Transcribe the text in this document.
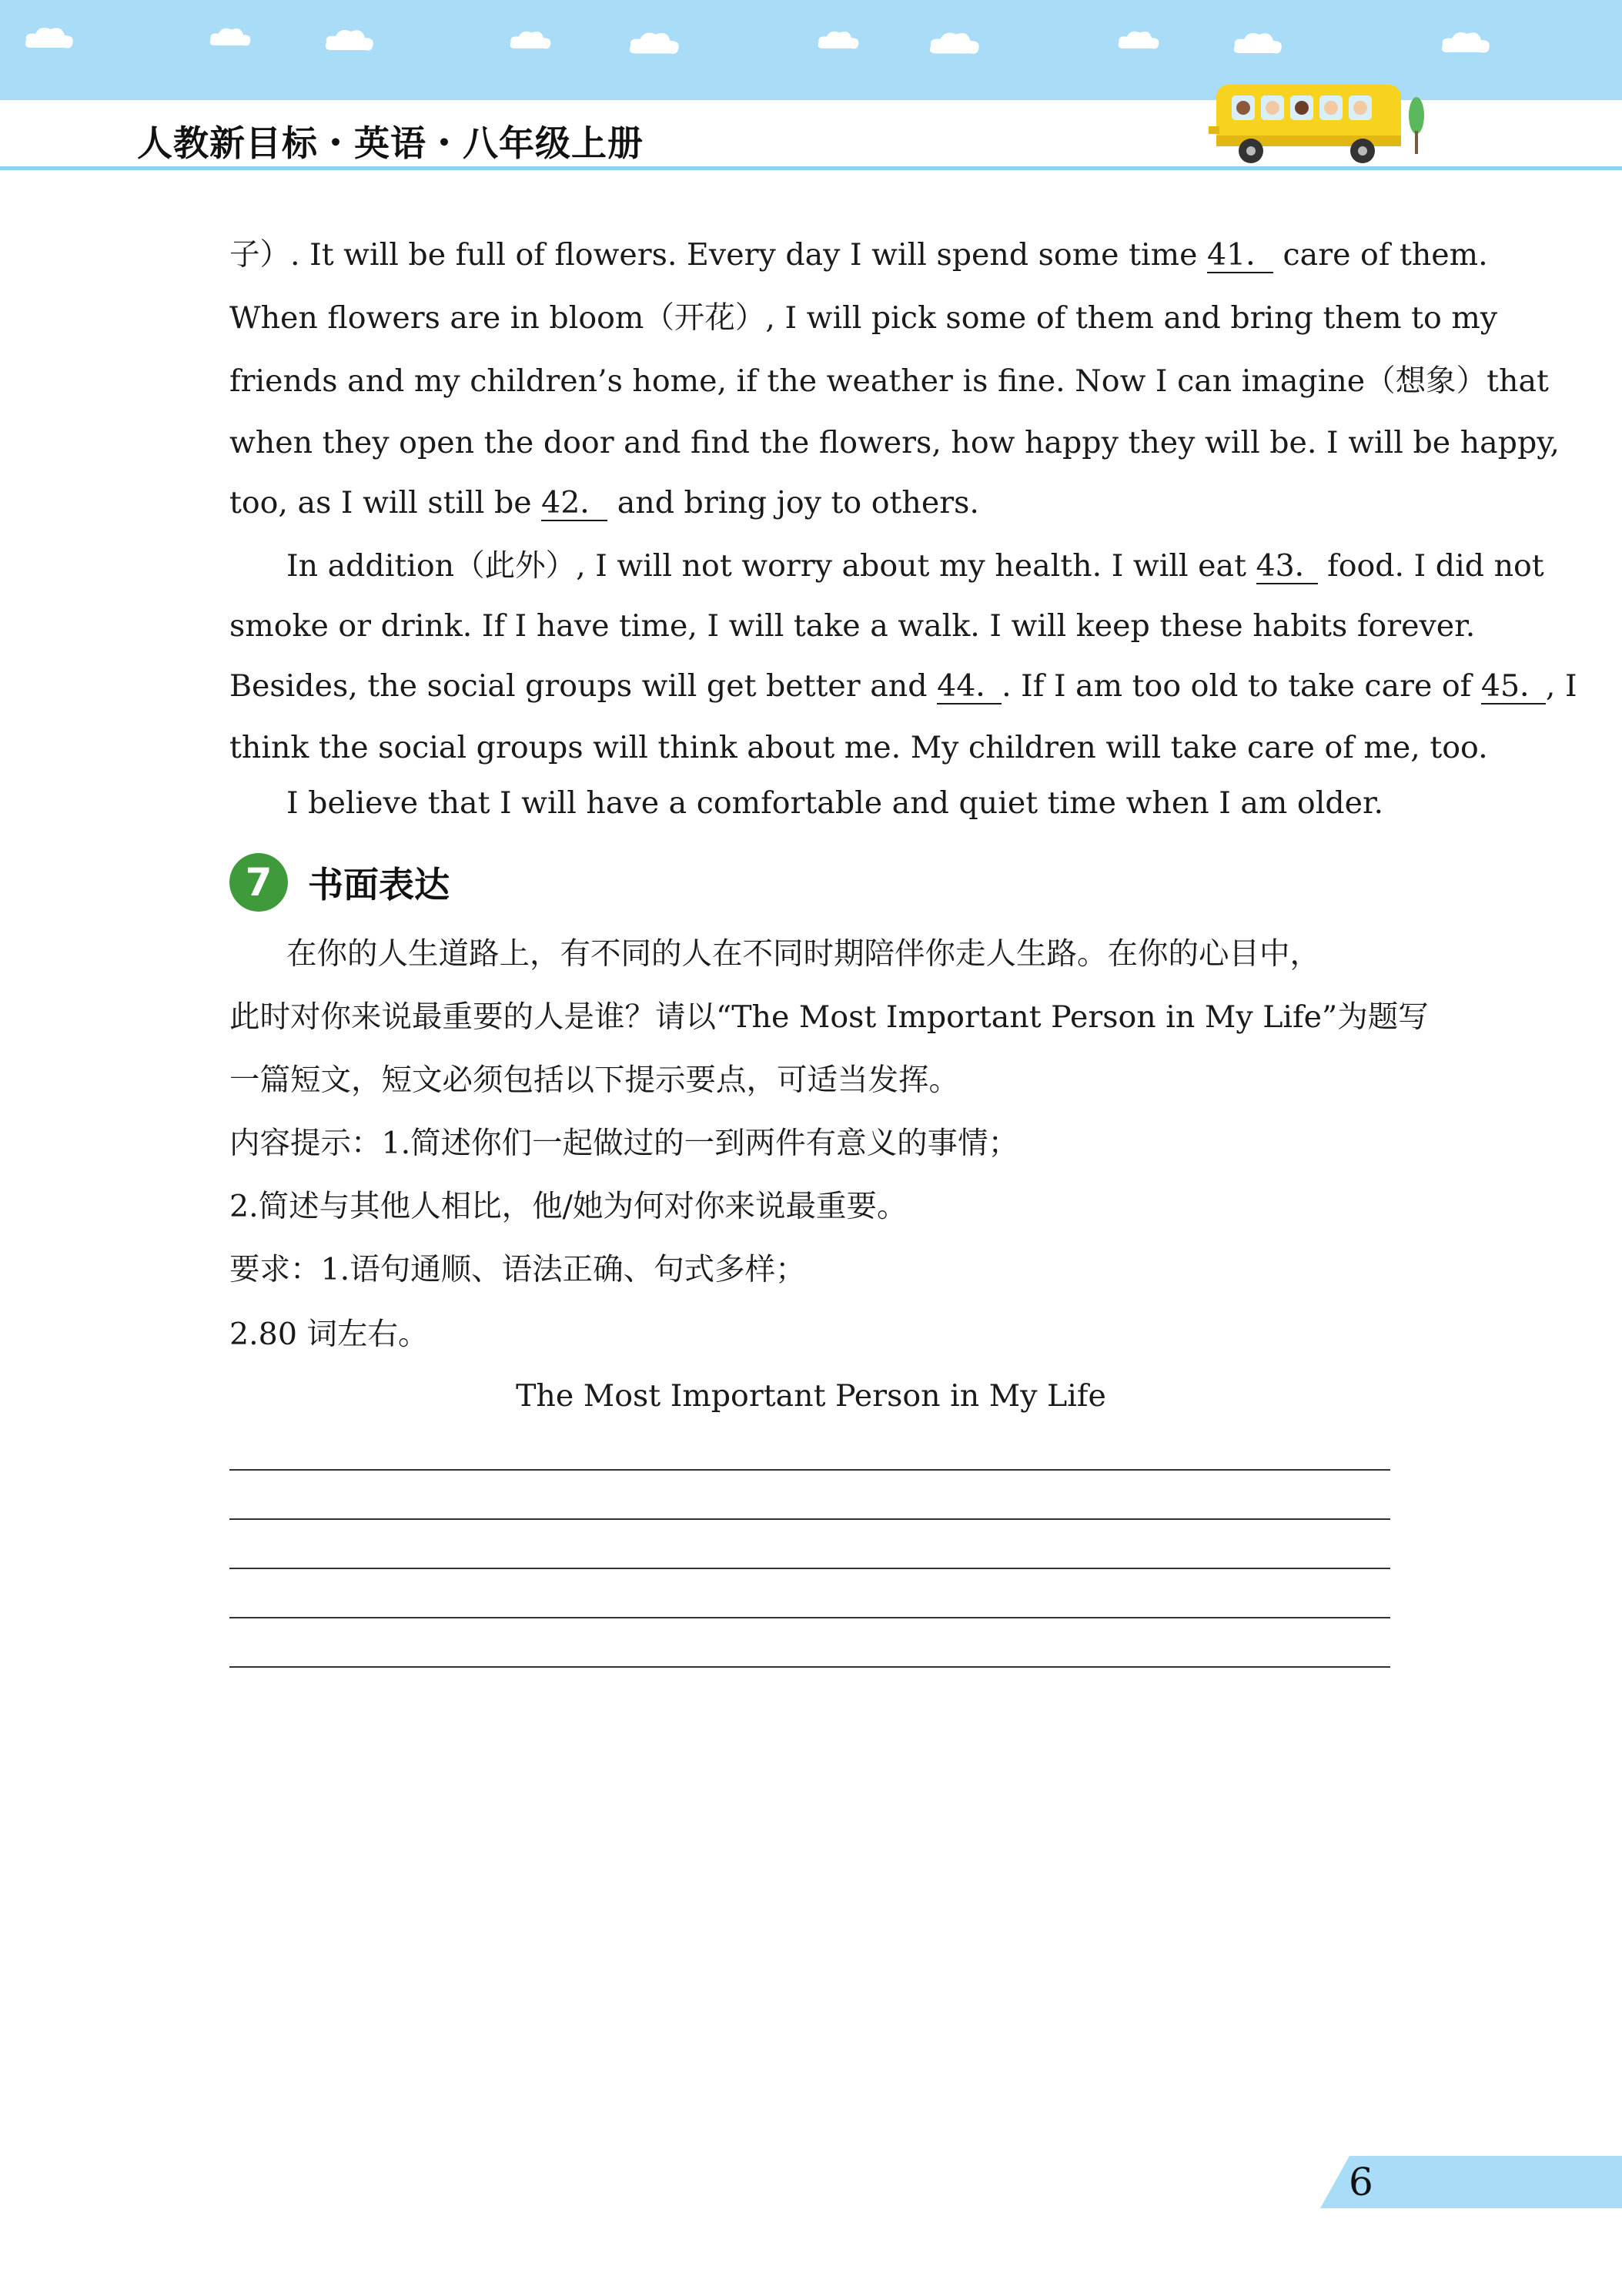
人教新目标・英语・八年级上册
子）. It will be full of flowers. Every day I will spend some time 41． care of them.
When flowers are in bloom（开花）, I will pick some of them and bring them to my
friends and my children’s home, if the weather is fine. Now I can imagine（想象）that
when they open the door and find the flowers, how happy they will be. I will be happy,
too, as I will still be 42． and bring joy to others.
In addition（此外）, I will not worry about my health. I will eat 43． food. I did not
smoke or drink. If I have time, I will take a walk. I will keep these habits forever.
Besides, the social groups will get better and 44．. If I am too old to take care of 45．, I
think the social groups will think about me. My children will take care of me, too.
I believe that I will have a comfortable and quiet time when I am older.
7	书面表达
在你的人生道路上，有不同的人在不同时期陪伴你走人生路。在你的心目中，
此时对你来说最重要的人是谁？请以“The Most Important Person in My Life”为题写
一篇短文，短文必须包括以下提示要点，可适当发挥。
内容提示：1.简述你们一起做过的一到两件有意义的事情；
2.简述与其他人相比，他/她为何对你来说最重要。
要求：1.语句通顺、语法正确、句式多样；
2.80 词左右。
The Most Important Person in My Life
6
